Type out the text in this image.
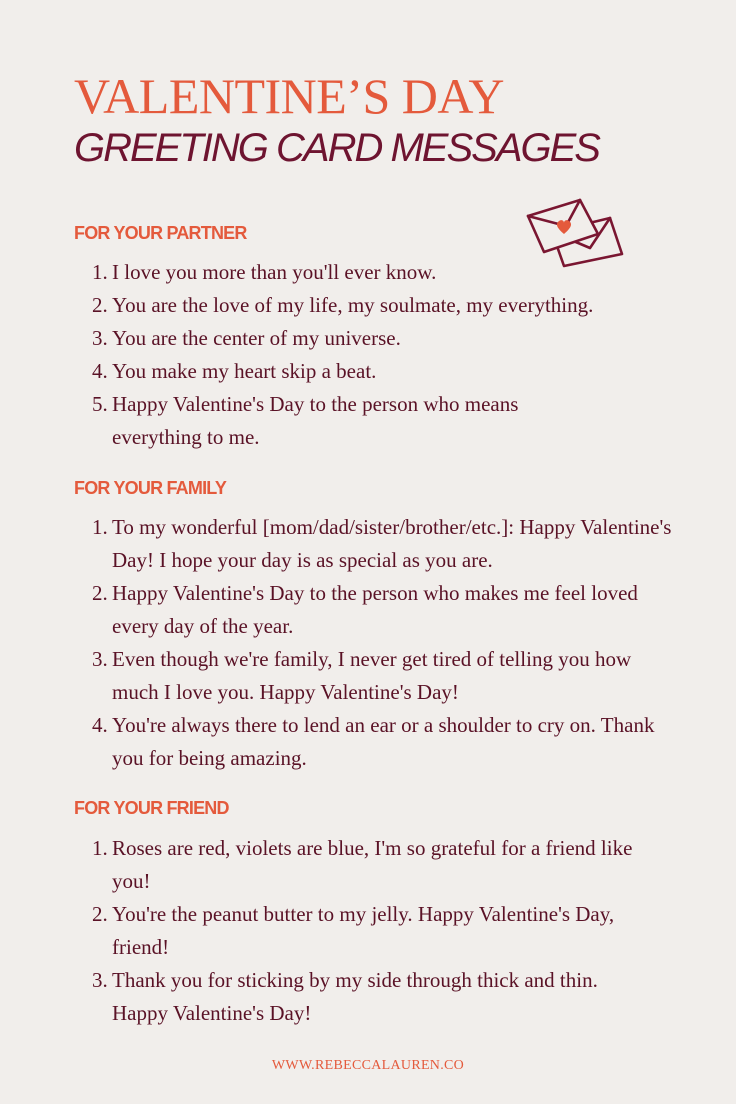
VALENTINE’S DAY
GREETING CARD MESSAGES
FOR YOUR PARTNER
1. I love you more than you'll ever know.
2. You are the love of my life, my soulmate, my everything.
3. You are the center of my universe.
4. You make my heart skip a beat.
5. Happy Valentine's Day to the person who means everything to me.
FOR YOUR FAMILY
1. To my wonderful [mom/dad/sister/brother/etc.]: Happy Valentine's Day! I hope your day is as special as you are.
2. Happy Valentine's Day to the person who makes me feel loved every day of the year.
3. Even though we're family, I never get tired of telling you how much I love you. Happy Valentine's Day!
4. You're always there to lend an ear or a shoulder to cry on. Thank you for being amazing.
FOR YOUR FRIEND
1. Roses are red, violets are blue, I'm so grateful for a friend like you!
2. You're the peanut butter to my jelly. Happy Valentine's Day, friend!
3. Thank you for sticking by my side through thick and thin. Happy Valentine's Day!
WWW.REBECCALAUREN.CO
